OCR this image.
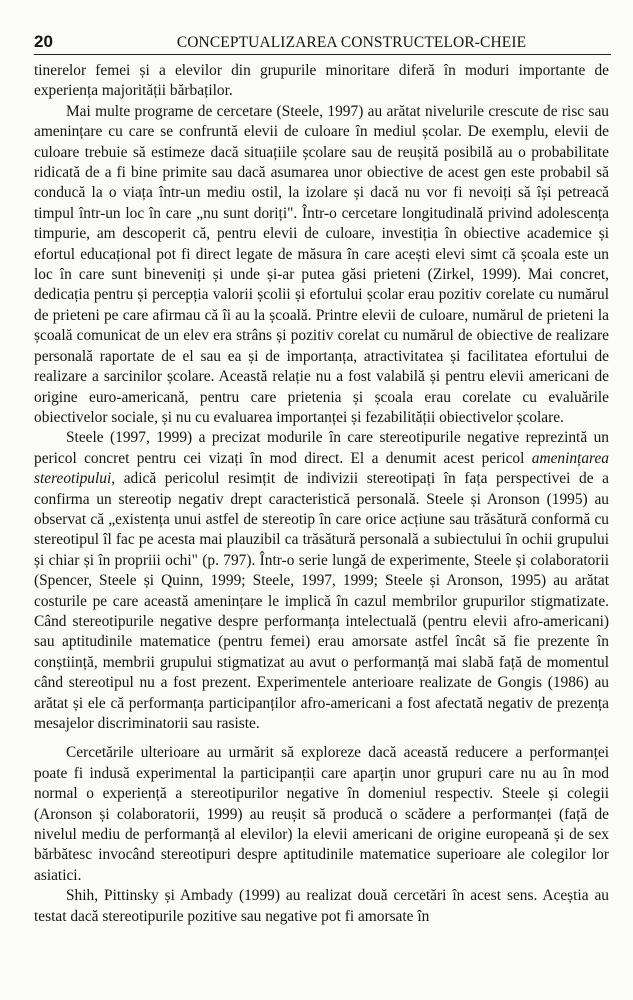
20	CONCEPTUALIZAREA CONSTRUCTELOR-CHEIE

tinerelor femei și a elevilor din grupurile minoritare diferă în moduri importante de experiența majorității bărbaților.

Mai multe programe de cercetare (Steele, 1997) au arătat nivelurile crescute de risc sau amenințare cu care se confruntă elevii de culoare în mediul școlar. De exemplu, elevii de culoare trebuie să estimeze dacă situațiile școlare sau de reușită posibilă au o probabilitate ridicată de a fi bine primite sau dacă asumarea unor obiective de acest gen este probabil să conducă la o viața într-un mediu ostil, la izolare și dacă nu vor fi nevoiți să își petreacă timpul într-un loc în care „nu sunt doriți". Într-o cercetare longitudinală privind adolescența timpurie, am descoperit că, pentru elevii de culoare, investiția în obiective academice și efortul educațional pot fi direct legate de măsura în care acești elevi simt că școala este un loc în care sunt bineveniți și unde și-ar putea găsi prieteni (Zirkel, 1999). Mai concret, dedicația pentru și percepția valorii școlii și efortului școlar erau pozitiv corelate cu numărul de prieteni pe care afirmau că îi au la școală. Printre elevii de culoare, numărul de prieteni la școală comunicat de un elev era strâns și pozitiv corelat cu numărul de obiective de realizare personală raportate de el sau ea și de importanța, atractivitatea și facilitatea efortului de realizare a sarcinilor școlare. Această relație nu a fost valabilă și pentru elevii americani de origine euro-americană, pentru care prietenia și școala erau corelate cu evaluările obiectivelor sociale, și nu cu evaluarea importanței și fezabilității obiectivelor școlare.

Steele (1997, 1999) a precizat modurile în care stereotipurile negative reprezintă un pericol concret pentru cei vizați în mod direct. El a denumit acest pericol amenințarea stereotipului, adică pericolul resimțit de indivizii stereotipați în fața perspectivei de a confirma un stereotip negativ drept caracteristică personală. Steele și Aronson (1995) au observat că „existența unui astfel de stereotip în care orice acțiune sau trăsătură conformă cu stereotipul îl fac pe acesta mai plauzibil ca trăsătură personală a subiectului în ochii grupului și chiar și în propriii ochi" (p. 797). Într-o serie lungă de experimente, Steele și colaboratorii (Spencer, Steele și Quinn, 1999; Steele, 1997, 1999; Steele și Aronson, 1995) au arătat costurile pe care această amenințare le implică în cazul membrilor grupurilor stigmatizate. Când stereotipurile negative despre performanța intelectuală (pentru elevii afro-americani) sau aptitudinile matematice (pentru femei) erau amorsate astfel încât să fie prezente în conștiință, membrii grupului stigmatizat au avut o performanță mai slabă față de momentul când stereotipul nu a fost prezent. Experimentele anterioare realizate de Gongis (1986) au arătat și ele că performanța participanților afro-americani a fost afectată negativ de prezența mesajelor discriminatorii sau rasiste.

Cercetările ulterioare au urmărit să exploreze dacă această reducere a performanței poate fi indusă experimental la participanții care aparțin unor grupuri care nu au în mod normal o experiență a stereotipurilor negative în domeniul respectiv. Steele și colegii (Aronson și colaboratorii, 1999) au reușit să producă o scădere a performanței (față de nivelul mediu de performanță al elevilor) la elevii americani de origine europeană și de sex bărbătesc invocând stereotipuri despre aptitudinile matematice superioare ale colegilor lor asiatici.

Shih, Pittinsky și Ambady (1999) au realizat două cercetări în acest sens. Aceștia au testat dacă stereotipurile pozitive sau negative pot fi amorsate în
